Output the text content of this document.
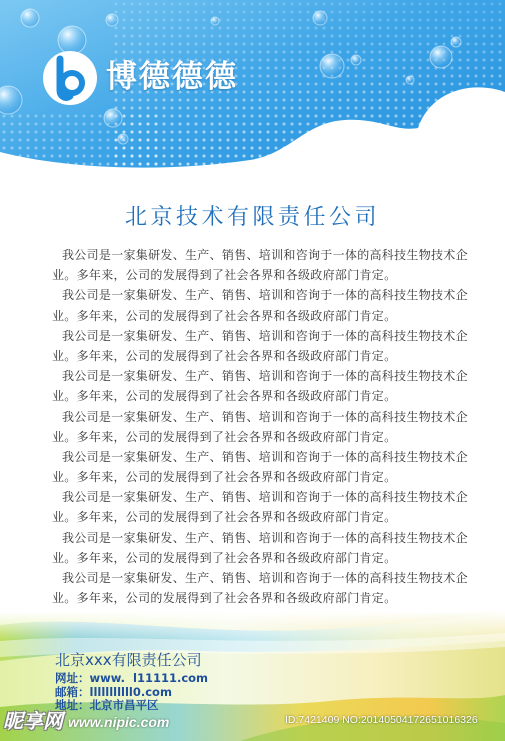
博德德德
北京技术有限责任公司
我公司是一家集研发、生产、销售、培训和咨询于一体的高科技生物技术企
业。多年来，公司的发展得到了社会各界和各级政府部门肯定。
我公司是一家集研发、生产、销售、培训和咨询于一体的高科技生物技术企
业。多年来，公司的发展得到了社会各界和各级政府部门肯定。
我公司是一家集研发、生产、销售、培训和咨询于一体的高科技生物技术企
业。多年来，公司的发展得到了社会各界和各级政府部门肯定。
我公司是一家集研发、生产、销售、培训和咨询于一体的高科技生物技术企
业。多年来，公司的发展得到了社会各界和各级政府部门肯定。
我公司是一家集研发、生产、销售、培训和咨询于一体的高科技生物技术企
业。多年来，公司的发展得到了社会各界和各级政府部门肯定。
我公司是一家集研发、生产、销售、培训和咨询于一体的高科技生物技术企
业。多年来，公司的发展得到了社会各界和各级政府部门肯定。
我公司是一家集研发、生产、销售、培训和咨询于一体的高科技生物技术企
业。多年来，公司的发展得到了社会各界和各级政府部门肯定。
我公司是一家集研发、生产、销售、培训和咨询于一体的高科技生物技术企
业。多年来，公司的发展得到了社会各界和各级政府部门肯定。
我公司是一家集研发、生产、销售、培训和咨询于一体的高科技生物技术企
业。多年来，公司的发展得到了社会各界和各级政府部门肯定。
北京xxx有限责任公司
网址：www.  l11111.com
邮箱：lllllllllll0.com
地址：北京市昌平区
昵享网 www.nipic.com	ID:7421409 NO:20140504172651016326
